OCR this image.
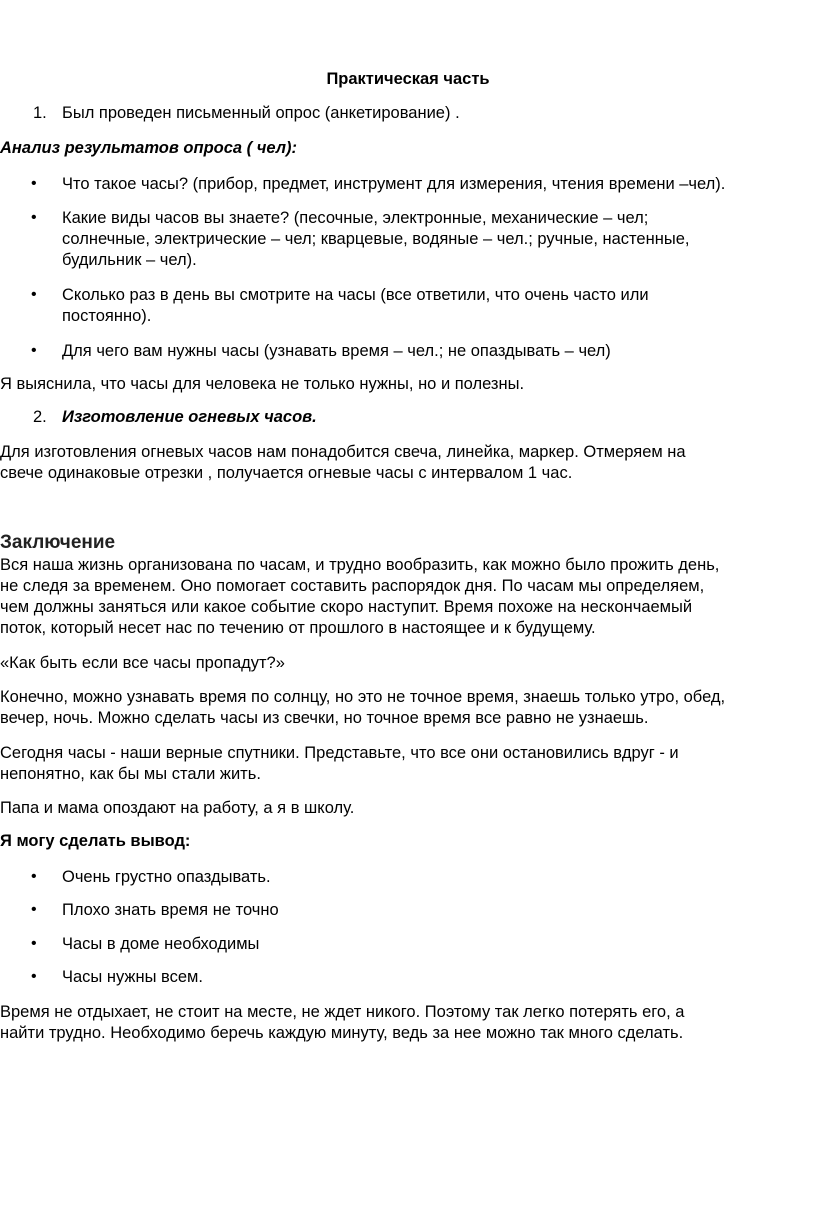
Практическая часть
1. Был проведен письменный опрос (анкетирование) .
Анализ результатов опроса ( чел):
• Что такое часы? (прибор, предмет, инструмент для измерения, чтения времени –чел).
• Какие виды часов вы знаете? (песочные, электронные, механические – чел;
солнечные, электрические – чел; кварцевые, водяные – чел.; ручные, настенные,
будильник – чел).
• Сколько раз в день вы смотрите на часы (все ответили, что очень часто или
постоянно).
• Для чего вам нужны часы (узнавать время – чел.; не опаздывать – чел)
Я выяснила, что часы для человека не только нужны, но и полезны.
2. Изготовление огневых часов.
Для изготовления огневых часов нам понадобится свеча, линейка, маркер. Отмеряем на
свече одинаковые отрезки , получается огневые часы с интервалом 1 час.
Заключение
Вся наша жизнь организована по часам, и трудно вообразить, как можно было прожить день,
не следя за временем. Оно помогает составить распорядок дня. По часам мы определяем,
чем должны заняться или какое событие скоро наступит. Время похоже на нескончаемый
поток, который несет нас по течению от прошлого в настоящее и к будущему.
«Как быть если все часы пропадут?»
Конечно, можно узнавать время по солнцу, но это не точное время, знаешь только утро, обед,
вечер, ночь. Можно сделать часы из свечки, но точное время все равно не узнаешь.
Сегодня часы - наши верные спутники. Представьте, что все они остановились вдруг - и
непонятно, как бы мы стали жить.
Папа и мама опоздают на работу, а я в школу.
Я могу сделать вывод:
• Очень грустно опаздывать.
• Плохо знать время не точно
• Часы в доме необходимы
• Часы нужны всем.
Время не отдыхает, не стоит на месте, не ждет никого. Поэтому так легко потерять его, а
найти трудно. Необходимо беречь каждую минуту, ведь за нее можно так много сделать.
